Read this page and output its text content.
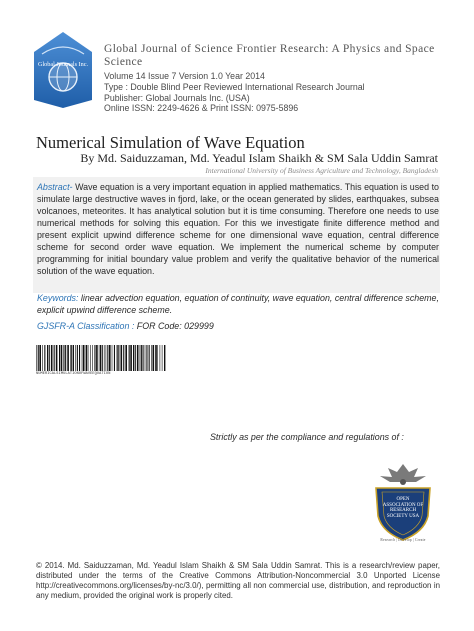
Global Journals Inc.
Global Journal of Science Frontier Research: A Physics and Space Science
Volume 14 Issue 7 Version 1.0 Year 2014
Type : Double Blind Peer Reviewed International Research Journal
Publisher: Global Journals Inc. (USA)
Online ISSN: 2249-4626 & Print ISSN: 0975-5896
Numerical Simulation of Wave Equation
By Md. Saiduzzaman, Md. Yeadul Islam Shaikh & SM Sala Uddin Samrat
International University of Business Agriculture and Technology, Bangladesh
Abstract- Wave equation is a very important equation in applied mathematics. This equation is used to simulate large destructive waves in fjord, lake, or the ocean generated by slides, earthquakes, subsea volcanoes, meteorites. It has analytical solution but it is time consuming. Therefore one needs to use numerical methods for solving this equation. For this we investigate finite difference method and present explicit upwind difference scheme for one dimensional wave equation, central difference scheme for second order wave equation. We implement the numerical scheme by computer programming for initial boundary value problem and verify the qualitative behavior of the numerical solution of the wave equation.
Keywords: linear advection equation, equation of continuity, wave equation, central difference scheme, explicit upwind difference scheme.
GJSFR-A Classification : FOR Code: 029999
NUMERICALSIMULATIONOFWAVEEQUATION
Strictly as per the compliance and regulations of :
OPEN ASSOCIATION OF RESEARCH SOCIETY USA
Research | Develop | Create
© 2014. Md. Saiduzzaman, Md. Yeadul Islam Shaikh & SM Sala Uddin Samrat. This is a research/review paper, distributed under the terms of the Creative Commons Attribution-Noncommercial 3.0 Unported License http://creativecommons.org/licenses/by-nc/3.0/), permitting all non commercial use, distribution, and reproduction in any medium, provided the original work is properly cited.
